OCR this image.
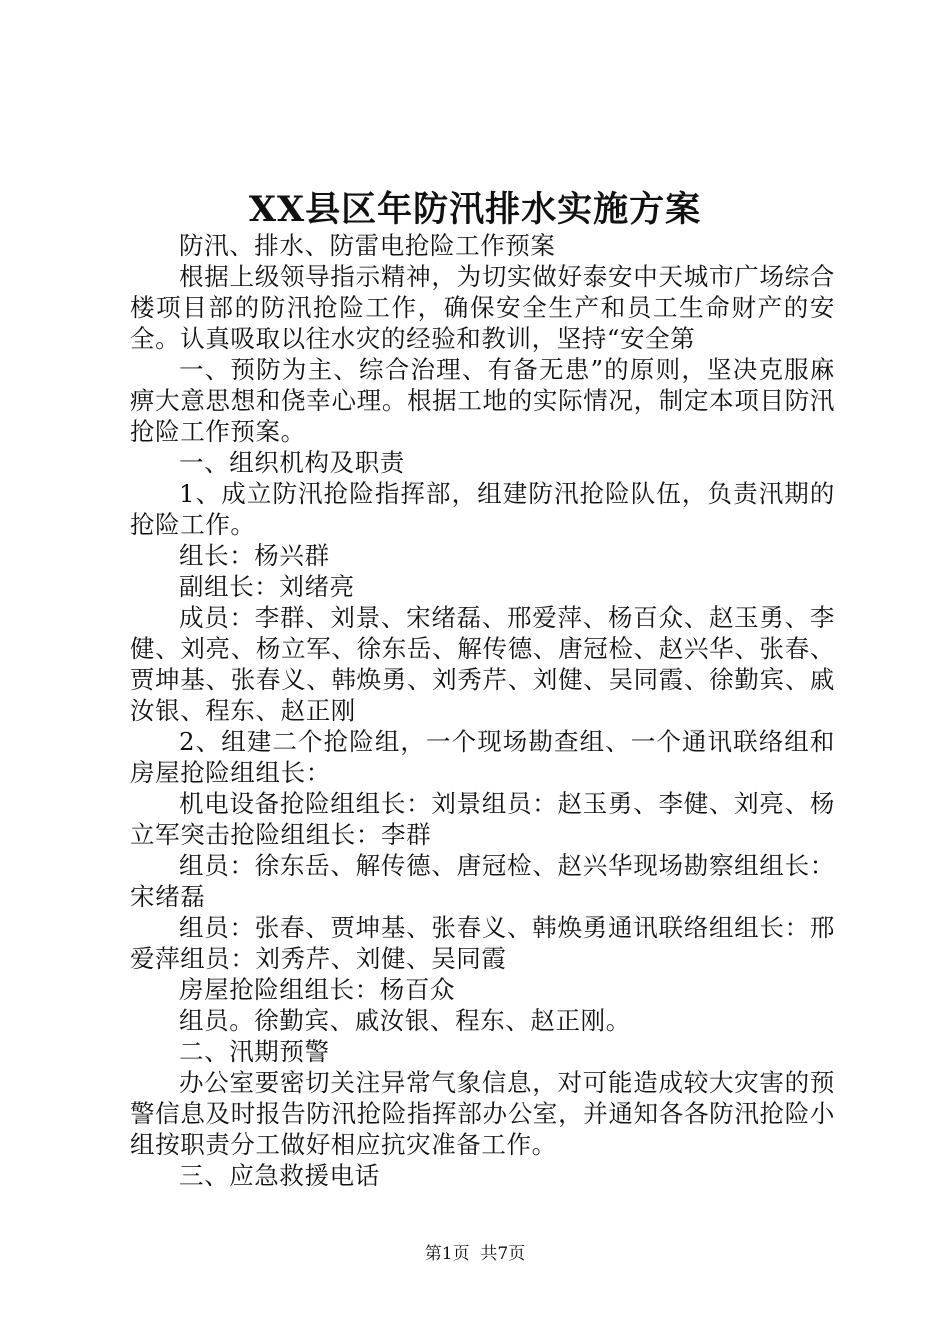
XX县区年防汛排水实施方案

防汛、排水、防雷电抢险工作预案

根据上级领导指示精神，为切实做好泰安中天城市广场综合楼项目部的防汛抢险工作，确保安全生产和员工生命财产的安全。认真吸取以往水灾的经验和教训，坚持“安全第

一、预防为主、综合治理、有备无患”的原则，坚决克服麻痹大意思想和侥幸心理。根据工地的实际情况，制定本项目防汛抢险工作预案。

一、组织机构及职责

1、成立防汛抢险指挥部，组建防汛抢险队伍，负责汛期的抢险工作。

组长：杨兴群

副组长：刘绪亮

成员：李群、刘景、宋绪磊、邢爱萍、杨百众、赵玉勇、李健、刘亮、杨立军、徐东岳、解传德、唐冠检、赵兴华、张春、贾坤基、张春义、韩焕勇、刘秀芹、刘健、吴同霞、徐勤宾、戚汝银、程东、赵正刚

2、组建二个抢险组，一个现场勘查组、一个通讯联络组和房屋抢险组组长：

机电设备抢险组组长：刘景组员：赵玉勇、李健、刘亮、杨立军突击抢险组组长：李群

组员：徐东岳、解传德、唐冠检、赵兴华现场勘察组组长：宋绪磊

组员：张春、贾坤基、张春义、韩焕勇通讯联络组组长：邢爱萍组员：刘秀芹、刘健、吴同霞

房屋抢险组组长：杨百众

组员。徐勤宾、戚汝银、程东、赵正刚。

二、汛期预警

办公室要密切关注异常气象信息，对可能造成较大灾害的预警信息及时报告防汛抢险指挥部办公室，并通知各各防汛抢险小组按职责分工做好相应抗灾准备工作。

三、应急救援电话

第1页  共7页
